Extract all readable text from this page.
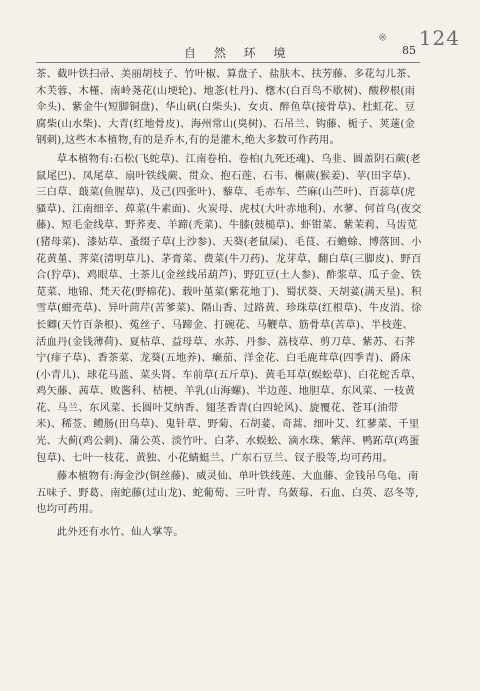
124
※
自 然 环 境	85

茶、截叶铁扫帚、美丽胡枝子、竹叶椒、算盘子、盐肤木、扶芳藤、多花勾儿茶、木芙蓉、木槿、南岭荛花(山埂轮)、地菍(杜丹)、楤木(白百鸟不歇树)、酸秽根(雨伞头)、紫金牛(短脚铜盘)、华山矾(白柴头)、女贞、醉鱼草(接骨草)、杜虹花、豆腐柴(山水柴)、大青(红地骨皮)、海州常山(臭树)、石吊兰、钩藤、栀子、荚蒾(金钢刺),这些木本植物,有的是乔木,有的是灌木,绝大多数可作药用。

草本植物有:石松(飞蛇草)、江南卷柏、卷柏(九死还魂)、乌韭、圆盖阴石蕨(老鼠尾巴)、凤尾草、扇叶铁线蕨、贯众、抱石莲、石韦、槲蕨(猴姜)、苹(田字草)、三白草、蕺菜(鱼腥草)、及己(四张叶)、藜草、毛赤车、苎麻(山苎叶)、百蕊草(虎骚草)、江南细辛、蔊菜(牛素面)、火炭母、虎杖(大叶赤地利)、水蓼、何首乌(夜交藤)、短毛金线草、野荞麦、羊蹄(秃菜)、牛膝(鼓槌草)、虾钳菜、紫茉莉、马齿苋(猪母菜)、漆姑草、蚤缀子草(上沙参)、天葵(老鼠屎)、毛茛、石蟾蜍、博落回、小花黄堇、荠菜(清明草儿)、茅膏菜、费菜(牛刀药)、龙芽草、翻白草(三脚皮)、野百合(狞草)、鸡眼草、土茶儿(金丝线吊葫芦)、野豇豆(土人参)、酢浆草、瓜子金、铁苋菜、地锦、梵天花(野棉花)、载叶堇菜(紫花地丁)、蜀状葵、天胡荽(满天星)、积雪草(蚶壳草)、异叶茴芹(苦爹菜)、隔山香、过路黄、珍珠草(红根草)、牛皮消、徐长卿(天竹百条根)、菟丝子、马蹄金、打碗花、马鞭草、筋骨草(苦草)、半枝莲、活血丹(金钱薄荷)、夏枯草、益母草、水苏、丹参、荔枝草、剪刀草、紫苏、石荠宁(痱子草)、香茶菜、龙葵(五地养)、癞茄、洋金花、白毛鹿茸草(四季青)、爵床(小青儿)、球花马蓝、菜头肾、车前草(五斤草)、黄毛耳草(蜈蚣草)、白花蛇舌草、鸡矢藤、茜草、败酱科、桔梗、羊乳(山海螺)、半边莲、地胆草、东风菜、一枝黄花、马兰、东风菜、长圆叶艾纳香、翅茎香青(白四轮风)、旋覆花、苍耳(油带米)、稀莶、鳢肠(田乌草)、鬼针草、野菊、石胡荽、奇蒿、细叶艾、红蓼菜、千里光、大蓟(鸡公刺)、蒲公英、淡竹叶、白茅、水蜈蚣、滴水珠、紫萍、鸭跖草(鸡蛋包草)、七叶一枝花、黄独、小花蜻蜓兰、广东石豆兰、钗子股等,均可药用。

藤本植物有:海金沙(铜丝藤)、威灵仙、单叶铁线莲、大血藤、金钱吊乌龟、南五味子、野葛、南蛇藤(过山龙)、蛇葡萄、三叶青、乌蔹莓、石血、白英、忍冬等,也均可药用。

此外还有水竹、仙人掌等。
